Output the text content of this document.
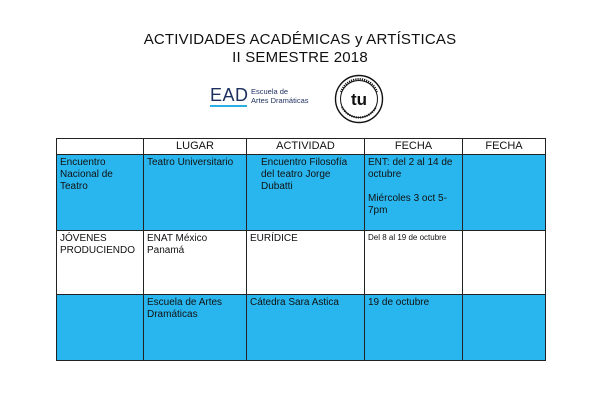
ACTIVIDADES ACADÉMICAS y ARTÍSTICAS
II SEMESTRE 2018
EAD Escuela de
Artes Dramáticas tu
	LUGAR	ACTIVIDAD	FECHA	FECHA
Encuentro Nacional de Teatro	Teatro Universitario	Encuentro Filosofía del teatro Jorge Dubatti	ENT: del 2 al 14 de octubre
Miércoles 3 oct 5-7pm	

JÓVENES PRODUCIENDO	ENAT México Panamá	EURÍDICE	Del 8 al 19 de octubre	
	Escuela de Artes Dramáticas	Cátedra Sara Astica	19 de octubre	
